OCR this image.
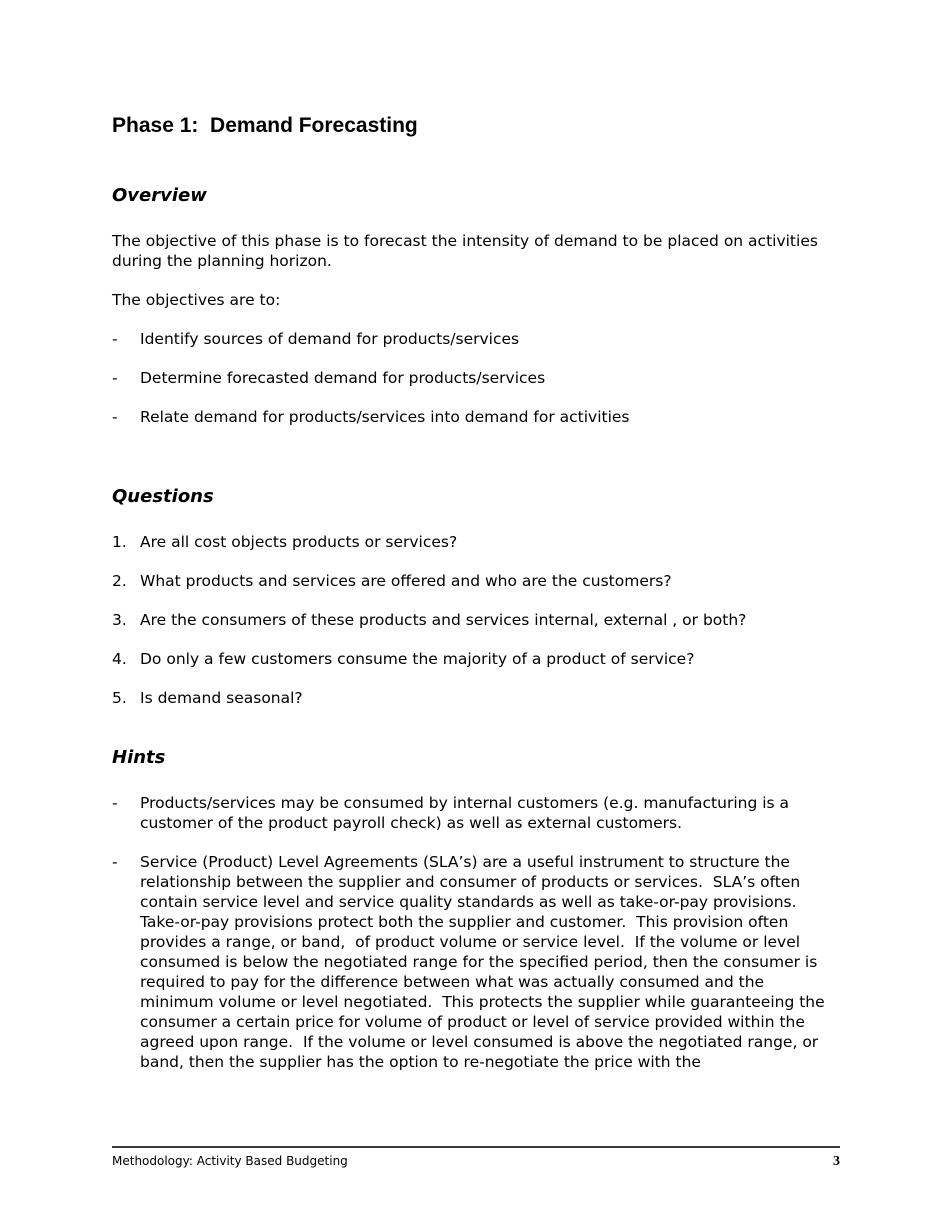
Phase 1:  Demand Forecasting
Overview

The objective of this phase is to forecast the intensity of demand to be placed on activities during the planning horizon.

The objectives are to:

-	Identify sources of demand for products/services
-	Determine forecasted demand for products/services
-	Relate demand for products/services into demand for activities
Questions
1. Are all cost objects products or services?
2. What products and services are offered and who are the customers?
3. Are the consumers of these products and services internal, external , or both?
4. Do only a few customers consume the majority of a product of service?
5. Is demand seasonal?
Hints
-	Products/services may be consumed by internal customers (e.g. manufacturing is a customer of the product payroll check) as well as external customers.
-	Service (Product) Level Agreements (SLA’s) are a useful instrument to structure the relationship between the supplier and consumer of products or services.  SLA’s often contain service level and service quality standards as well as take-or-pay provisions.  Take-or-pay provisions protect both the supplier and customer.  This provision often provides a range, or band,  of product volume or service level.  If the volume or level consumed is below the negotiated range for the specified period, then the consumer is required to pay for the difference between what was actually consumed and the minimum volume or level negotiated.  This protects the supplier while guaranteeing the consumer a certain price for volume of product or level of service provided within the agreed upon range.  If the volume or level consumed is above the negotiated range, or band, then the supplier has the option to re-negotiate the price with the
Methodology: Activity Based Budgeting	3
